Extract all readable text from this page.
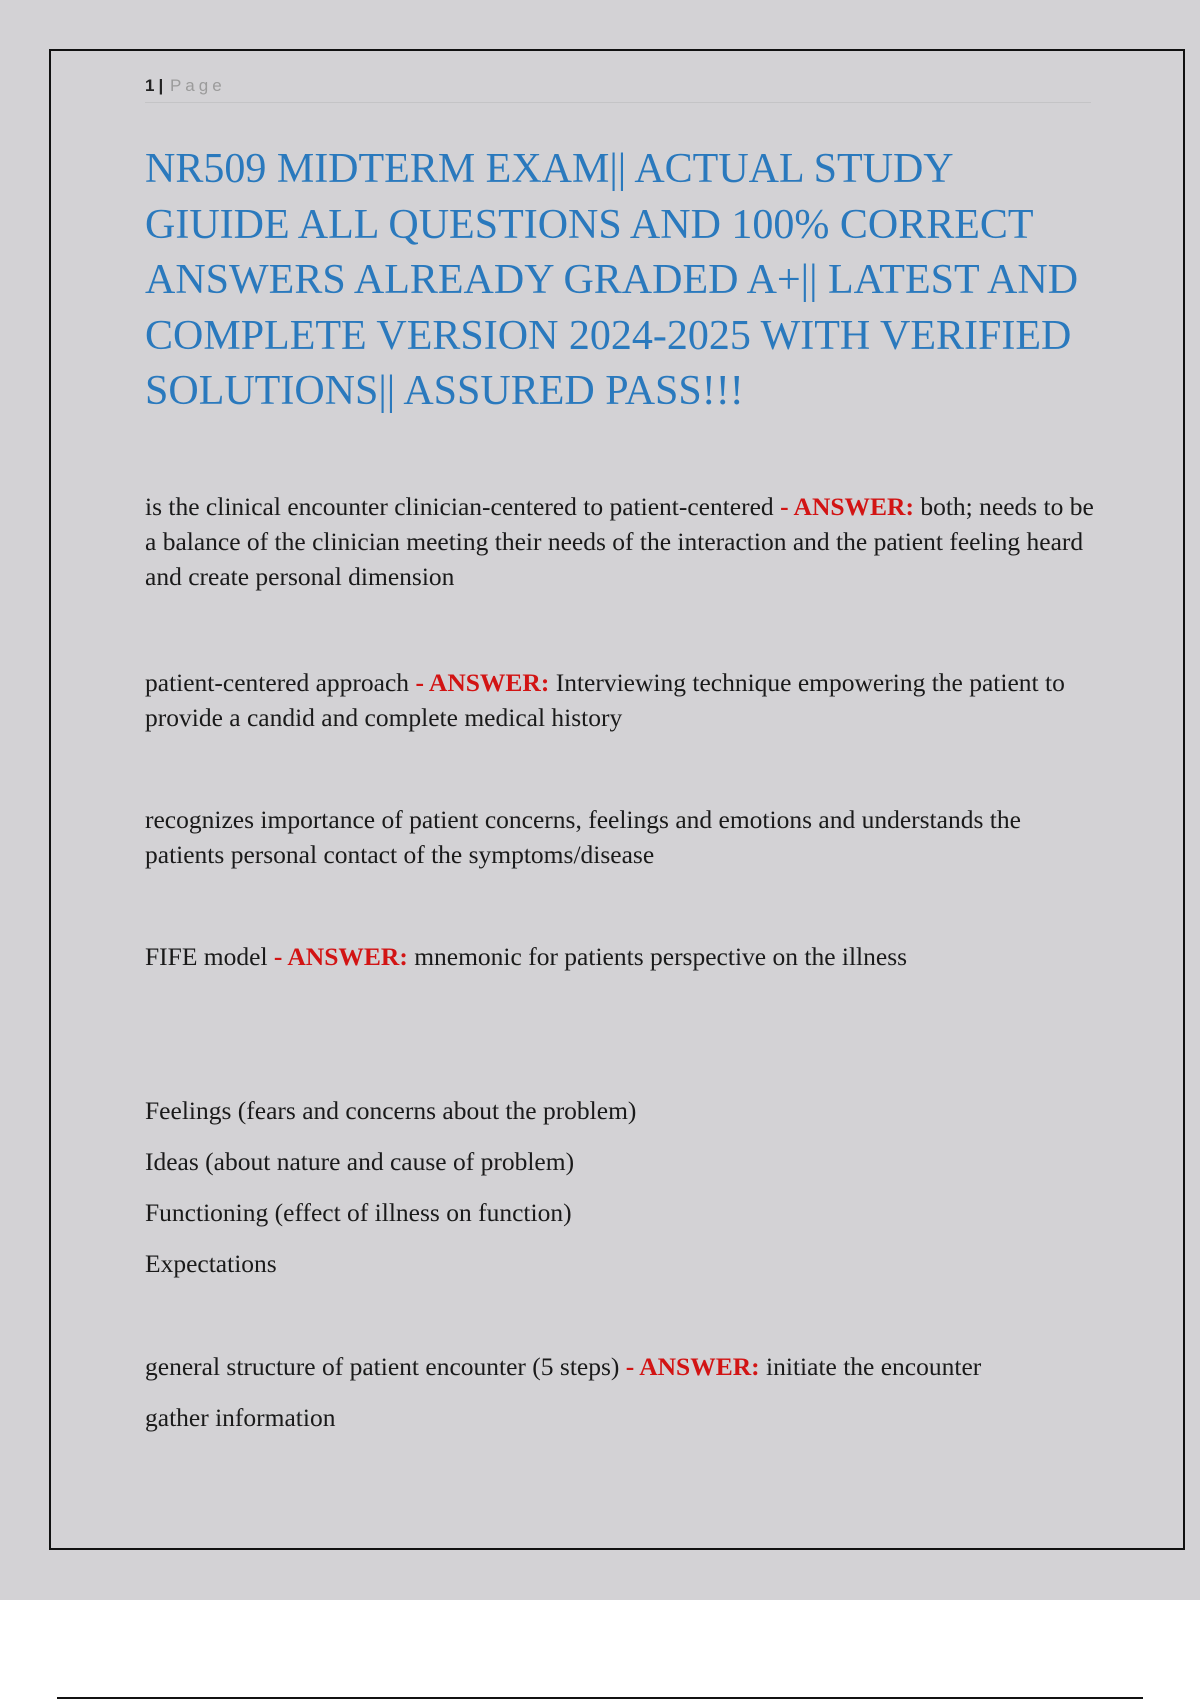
1 | Page
NR509 MIDTERM EXAM|| ACTUAL STUDY GIUIDE ALL QUESTIONS AND 100% CORRECT ANSWERS ALREADY GRADED A+|| LATEST AND COMPLETE VERSION 2024-2025 WITH VERIFIED SOLUTIONS|| ASSURED PASS!!!

is the clinical encounter clinician-centered to patient-centered - ANSWER: both; needs to be a balance of the clinician meeting their needs of the interaction and the patient feeling heard and create personal dimension

patient-centered approach - ANSWER: Interviewing technique empowering the patient to provide a candid and complete medical history

recognizes importance of patient concerns, feelings and emotions and understands the patients personal contact of the symptoms/disease

FIFE model - ANSWER: mnemonic for patients perspective on the illness

Feelings (fears and concerns about the problem)

Ideas (about nature and cause of problem)

Functioning (effect of illness on function)

Expectations

general structure of patient encounter (5 steps) - ANSWER: initiate the encounter

gather information
